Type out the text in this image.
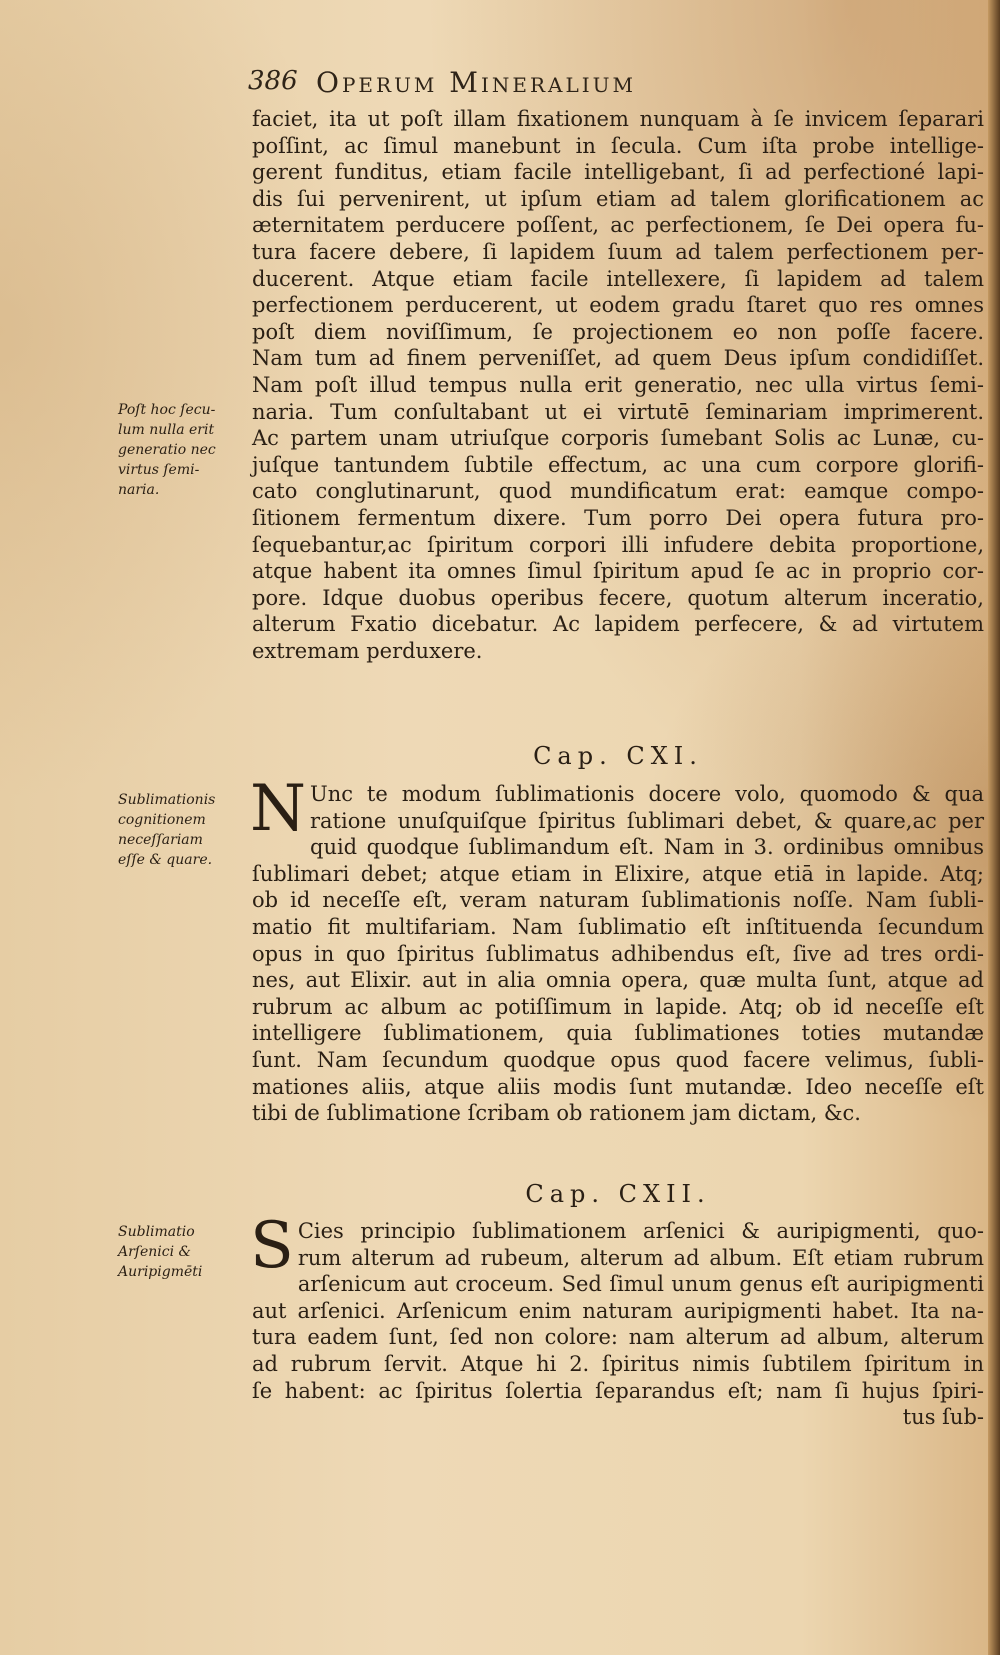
386 Operum Mineralium
faciet, ita ut poſt illam fixationem nunquam à ſe invicem ſeparari
poſſint, ac ſimul manebunt in ſecula. Cum iſta probe intellige-
gerent funditus, etiam facile intelligebant, ſi ad perfectioné lapi-
dis ſui pervenirent, ut ipſum etiam ad talem glorificationem ac
æternitatem perducere poſſent, ac perfectionem, ſe Dei opera fu-
tura facere debere, ſi lapidem ſuum ad talem perfectionem per-
ducerent. Atque etiam facile intellexere, ſi lapidem ad talem
perfectionem perducerent, ut eodem gradu ſtaret quo res omnes
poſt diem noviſſimum, ſe projectionem eo non poſſe facere.
Nam tum ad finem perveniſſet, ad quem Deus ipſum condidiſſet.
Nam poſt illud tempus nulla erit generatio, nec ulla virtus ſemi-
naria. Tum conſultabant ut ei virtutē ſeminariam imprimerent.
Ac partem unam utriuſque corporis ſumebant Solis ac Lunæ, cu-
juſque tantundem ſubtile effectum, ac una cum corpore glorifi-
cato conglutinarunt, quod mundificatum erat: eamque compo-
ſitionem fermentum dixere. Tum porro Dei opera futura pro-
ſequebantur,ac ſpiritum corpori illi infudere debita proportione,
atque habent ita omnes ſimul ſpiritum apud ſe ac in proprio cor-
pore. Idque duobus operibus fecere, quotum alterum inceratio,
alterum Fxatio dicebatur. Ac lapidem perfecere, & ad virtutem
extremam perduxere.
Poſt hoc ſecu-
lum nulla erit
generatio nec
virtus ſemi-
naria.
Cap. CXI.
N Unc te modum ſublimationis docere volo, quomodo & qua
ratione unuſquiſque ſpiritus ſublimari debet, & quare,ac per
quid quodque ſublimandum eſt. Nam in 3. ordinibus omnibus
ſublimari debet; atque etiam in Elixire, atque etiā in lapide. Atq;
ob id neceſſe eſt, veram naturam ſublimationis noſſe. Nam ſubli-
matio fit multifariam. Nam ſublimatio eſt inſtituenda ſecundum
opus in quo ſpiritus ſublimatus adhibendus eſt, ſive ad tres ordi-
nes, aut Elixir. aut in alia omnia opera, quæ multa ſunt, atque ad
rubrum ac album ac potiſſimum in lapide. Atq; ob id neceſſe eſt
intelligere ſublimationem, quia ſublimationes toties mutandæ
ſunt. Nam ſecundum quodque opus quod facere velimus, ſubli-
mationes aliis, atque aliis modis ſunt mutandæ. Ideo neceſſe eſt
tibi de ſublimatione ſcribam ob rationem jam dictam, &c.
Sublimationis
cognitionem
neceſſariam
eſſe & quare.
Cap. CXII.
S Cies principio ſublimationem arſenici & auripigmenti, quo-
rum alterum ad rubeum, alterum ad album. Eſt etiam rubrum
arſenicum aut croceum. Sed ſimul unum genus eſt auripigmenti
aut arſenici. Arſenicum enim naturam auripigmenti habet. Ita na-
tura eadem ſunt, ſed non colore: nam alterum ad album, alterum
ad rubrum ſervit. Atque hi 2. ſpiritus nimis ſubtilem ſpiritum in
ſe habent: ac ſpiritus ſolertia ſeparandus eſt; nam ſi hujus ſpiri-
tus ſub-
Sublimatio
Arſenici &
Auripigmēti
